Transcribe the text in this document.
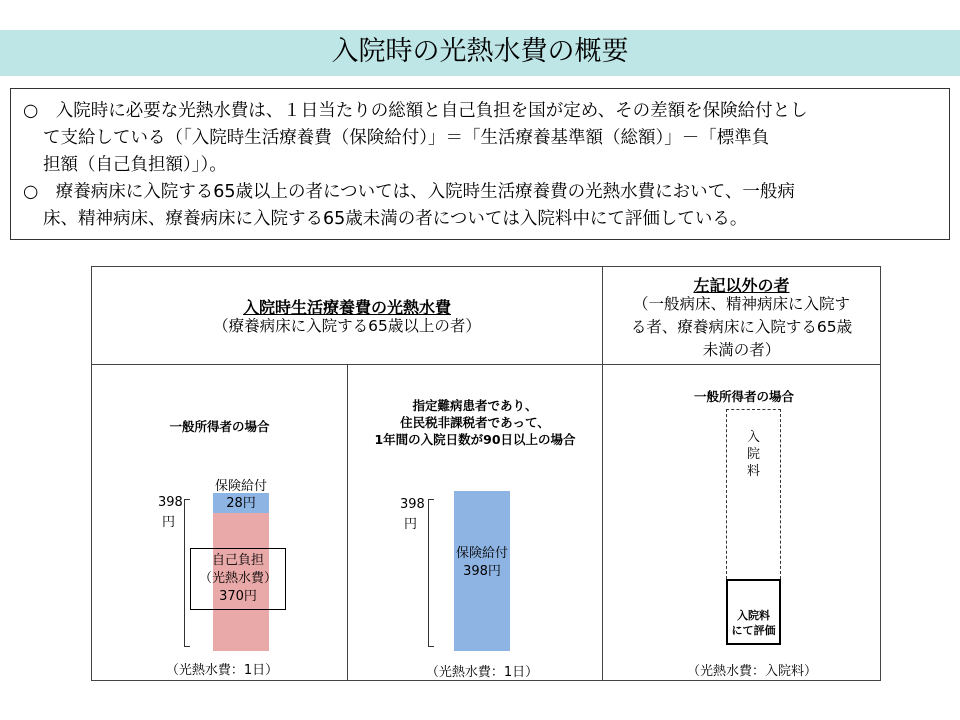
入院時の光熱水費の概要

○　入院時に必要な光熱水費は、１日当たりの総額と自己負担を国が定め、その差額を保険給付とし

て支給している（「入院時生活療養費（保険給付）」＝「生活療養基準額（総額）」－「標準負

担額（自己負担額）」）。

○　療養病床に入院する65歳以上の者については、入院時生活療養費の光熱水費において、一般病

床、精神病床、療養病床に入院する65歳未満の者については入院料中にて評価している。

入院時生活療養費の光熱水費
（療養病床に入院する65歳以上の者）
左記以外の者
（一般病床、精神病床に入院す
る者、療養病床に入院する65歳
未満の者）
一般所得者の場合
398
円
保険給付
28円
自己負担
（光熱水費）
370円
（光熱水費：1日）
指定難病患者であり、
住民税非課税者であって、
1年間の入院日数が90日以上の場合
398
円
保険給付
398円
（光熱水費：1日）
一般所得者の場合
入
院
料
入院料
にて評価
（光熱水費：入院料）
